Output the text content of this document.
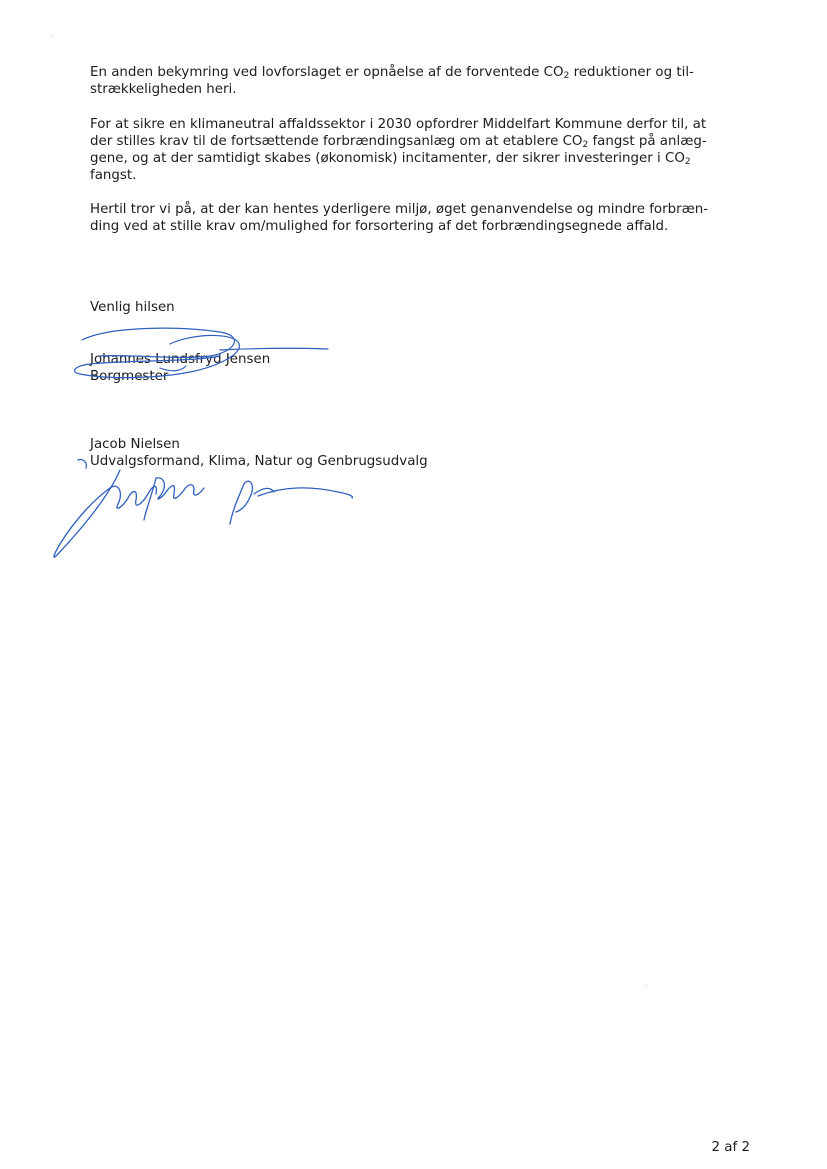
En anden bekymring ved lovforslaget er opnåelse af de forventede $CO_2$ reduktioner og til-
strækkeligheden heri.

For at sikre en klimaneutral affaldssektor i 2030 opfordrer Middelfart Kommune derfor til, at
der stilles krav til de fortsættende forbrændingsanlæg om at etablere $CO_2$ fangst på anlæg-
gene, og at der samtidigt skabes (økonomisk) incitamenter, der sikrer investeringer i $CO_2$
fangst.

Hertil tror vi på, at der kan hentes yderligere miljø, øget genanvendelse og mindre forbræn-
ding ved at stille krav om/mulighed for forsortering af det forbrændingsegnede affald.

Venlig hilsen

Johannes Lundsfryd Jensen
Borgmester
Jacob Nielsen
Udvalgsformand, Klima, Natur og Genbrugsudvalg
2 af 2
